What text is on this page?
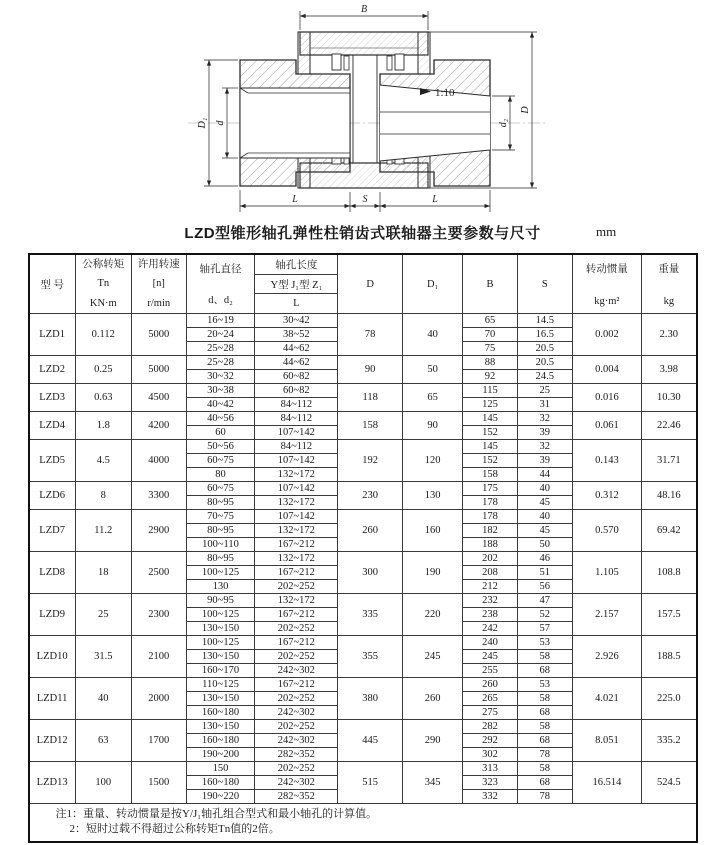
1:10
B
D₁ d	d₂
D
L	S	L
LZD型锥形轴孔弹性柱销齿式联轴器主要参数与尺寸	mm
型 号	
公称转矩
Tn
KN·m

许用转速
[n]
r/min

轴孔直径
d、d₂

轴孔长度
Y型 J₁型 Z₁
L
	D	D₁	B	S	
转动惯量
kg·m²

重量
kg

LZD1	0.112	5000	16~19	30~42	78	40	65	14.5	0.002	2.30
			20~24	38~52			70	16.5		
			25~28	44~62			75	20.5		
LZD2	0.25	5000	25~28	44~62	90	50	88	20.5	0.004	3.98
			30~32	60~82			92	24.5		
LZD3	0.63	4500	30~38	60~82	118	65	115	25	0.016	10.30
			40~42	84~112			125	31		
LZD4	1.8	4200	40~56	84~112	158	90	145	32	0.061	22.46
			60	107~142			152	39		
LZD5	4.5	4000	50~56	84~112	192	120	145	32	0.143	31.71
			60~75	107~142			152	39		
			80	132~172			158	44		
LZD6	8	3300	60~75	107~142	230	130	175	40	0.312	48.16
			80~95	132~172			178	45		
LZD7	11.2	2900	70~75	107~142	260	160	178	40	0.570	69.42
			80~95	132~172			182	45		
			100~110	167~212			188	50		
LZD8	18	2500	80~95	132~172	300	190	202	46	1.105	108.8
			100~125	167~212			208	51		
			130	202~252			212	56		
LZD9	25	2300	90~95	132~172	335	220	232	47	2.157	157.5
			100~125	167~212			238	52		
			130~150	202~252			242	57		
LZD10	31.5	2100	100~125	167~212	355	245	240	53	2.926	188.5
			130~150	202~252			245	58		
			160~170	242~302			255	68		
LZD11	40	2000	110~125	167~212	380	260	260	53	4.021	225.0
			130~150	202~252			265	58		
			160~180	242~302			275	68		
LZD12	63	1700	130~150	202~252	445	290	282	58	8.051	335.2
			160~180	242~302			292	68		
			190~200	282~352			302	78		
LZD13	100	1500	150	202~252	515	345	313	58	16.514	524.5
			160~180	242~302			323	68		
			190~220	282~352			332	78		

注1：重量、转动惯量是按Y/J₁轴孔组合型式和最小轴孔的计算值。
2：短时过载不得超过公称转矩Tn值的2倍。										
